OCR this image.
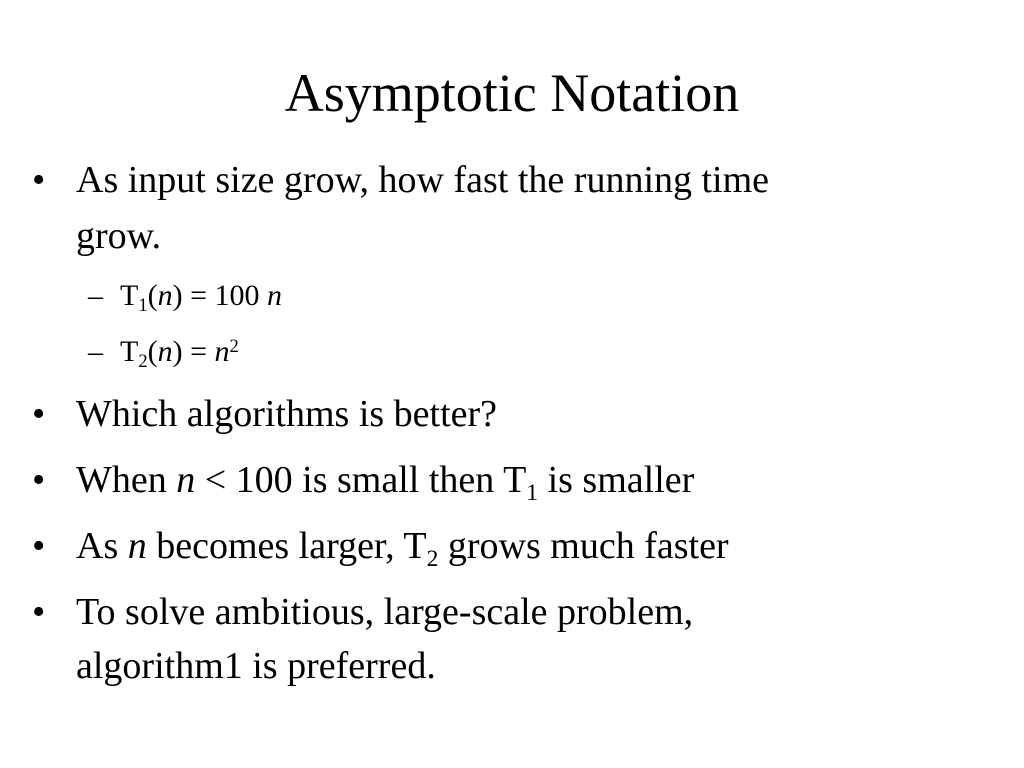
Asymptotic Notation
• As input size grow, how fast the running time
grow.
– $T_1(n) = 100$ n
– $T_2(n) = n^2$
• Which algorithms is better?
• When n < 100 is small then $T_1$ is smaller
• As n becomes larger, $T_2$ grows much faster
• To solve ambitious, large-scale problem,
algorithm1 is preferred.
